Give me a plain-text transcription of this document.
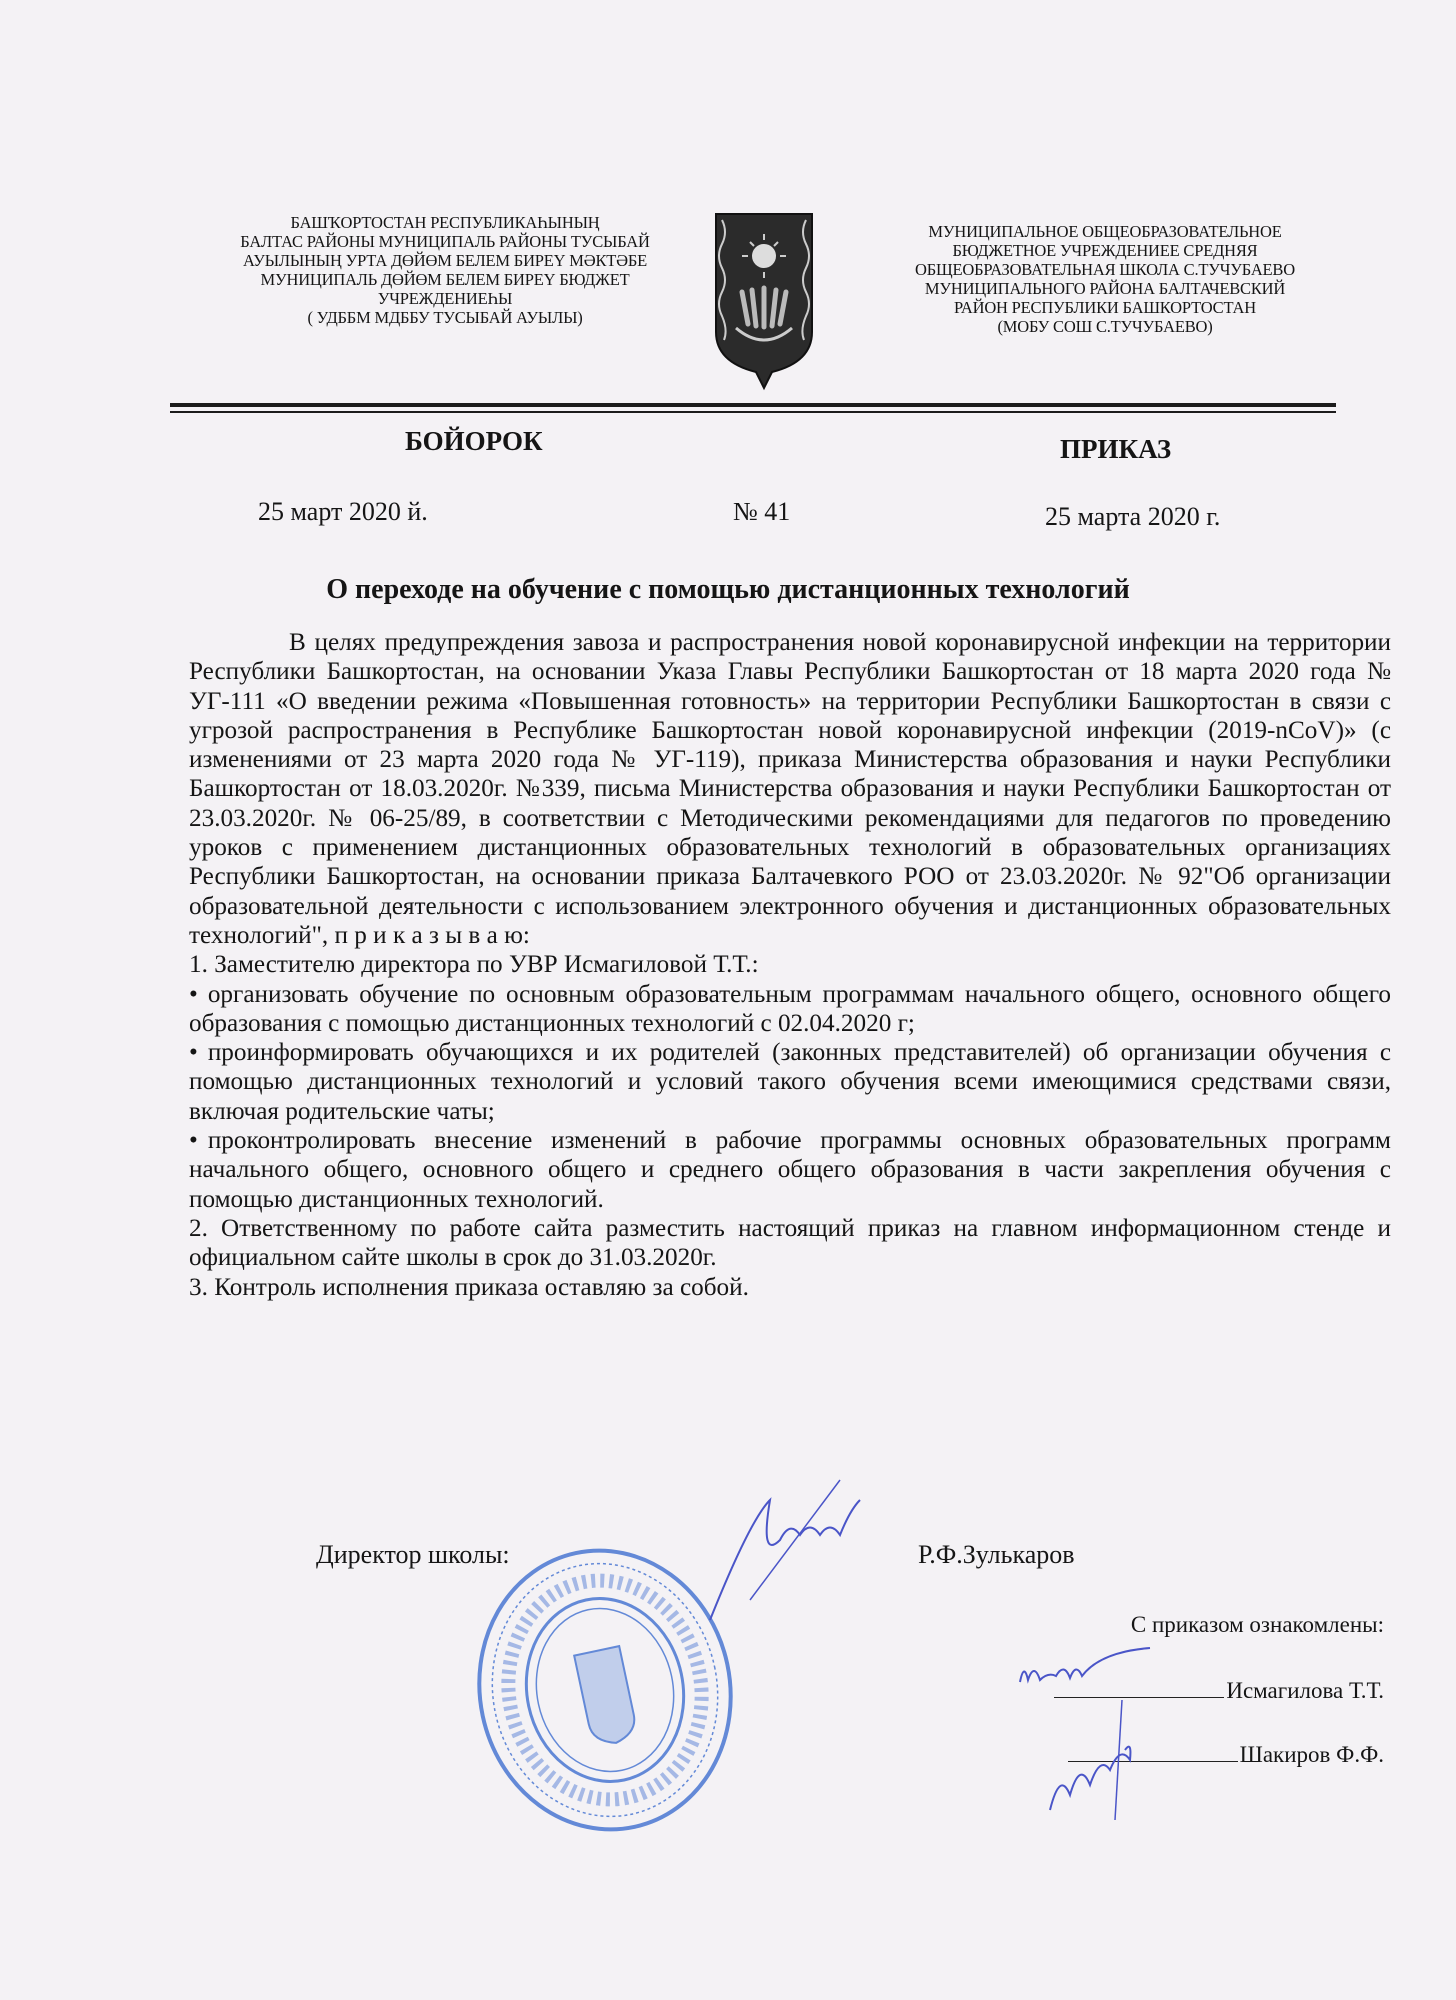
БАШҠОРТОСТАН РЕСПУБЛИКАҺЫНЫҢ
БАЛТАС РАЙОНЫ МУНИЦИПАЛЬ РАЙОНЫ ТУСЫБАЙ
АУЫЛЫНЫҢ УРТА ДӨЙӨМ БЕЛЕМ БИРЕҮ МӘКТӘБЕ
МУНИЦИПАЛЬ ДӨЙӨМ БЕЛЕМ БИРЕҮ БЮДЖЕТ
УЧРЕЖДЕНИЕҺЫ
( УДББМ МДББУ ТУСЫБАЙ АУЫЛЫ)
МУНИЦИПАЛЬНОЕ ОБЩЕОБРАЗОВАТЕЛЬНОЕ
БЮДЖЕТНОЕ УЧРЕЖДЕНИЕЕ СРЕДНЯЯ
ОБЩЕОБРАЗОВАТЕЛЬНАЯ ШКОЛА С.ТУЧУБАЕВО
МУНИЦИПАЛЬНОГО РАЙОНА БАЛТАЧЕВСКИЙ
РАЙОН РЕСПУБЛИКИ БАШКОРТОСТАН
(МОБУ СОШ С.ТУЧУБАЕВО)
БОЙОРОК	ПРИКАЗ
25 март 2020 й.	№ 41	25 марта 2020 г.
О переходе на обучение с помощью дистанционных технологий

В целях предупреждения завоза и распространения новой коронавирусной инфекции на территории Республики Башкортостан, на основании Указа Главы Республики Башкортостан от 18 марта 2020 года № УГ-111 «О введении режима «Повышенная готовность» на территории Республики Башкортостан в связи с угрозой распространения в Республике Башкортостан новой коронавирусной инфекции (2019-nCoV)» (с изменениями от 23 марта 2020 года № УГ-119), приказа Министерства образования и науки Республики Башкортостан от 18.03.2020г. №339, письма Министерства образования и науки Республики Башкортостан от 23.03.2020г. № 06-25/89, в соответствии с Методическими рекомендациями для педагогов по проведению уроков с применением дистанционных образовательных технологий в образовательных организациях Республики Башкортостан, на основании приказа Балтачевкого РОО от 23.03.2020г. № 92"Об организации образовательной деятельности с использованием электронного обучения и дистанционных образовательных технологий", п р и к а з ы в а ю:

1. Заместителю директора по УВР Исмагиловой Т.Т.:

• организовать обучение по основным образовательным программам начального общего, основного общего образования с помощью дистанционных технологий с 02.04.2020 г;

• проинформировать обучающихся и их родителей (законных представителей) об организации обучения с помощью дистанционных технологий и условий такого обучения всеми имеющимися средствами связи, включая родительские чаты;

• проконтролировать внесение изменений в рабочие программы основных образовательных программ начального общего, основного общего и среднего общего образования в части закрепления обучения с помощью дистанционных технологий.

2. Ответственному по работе сайта разместить настоящий приказ на главном информационном стенде и официальном сайте школы в срок до 31.03.2020г.

3. Контроль исполнения приказа оставляю за собой.

Директор школы:	Р.Ф.Зулькаров
С приказом ознакомлены:
Исмагилова Т.Т.
Шакиров Ф.Ф.
